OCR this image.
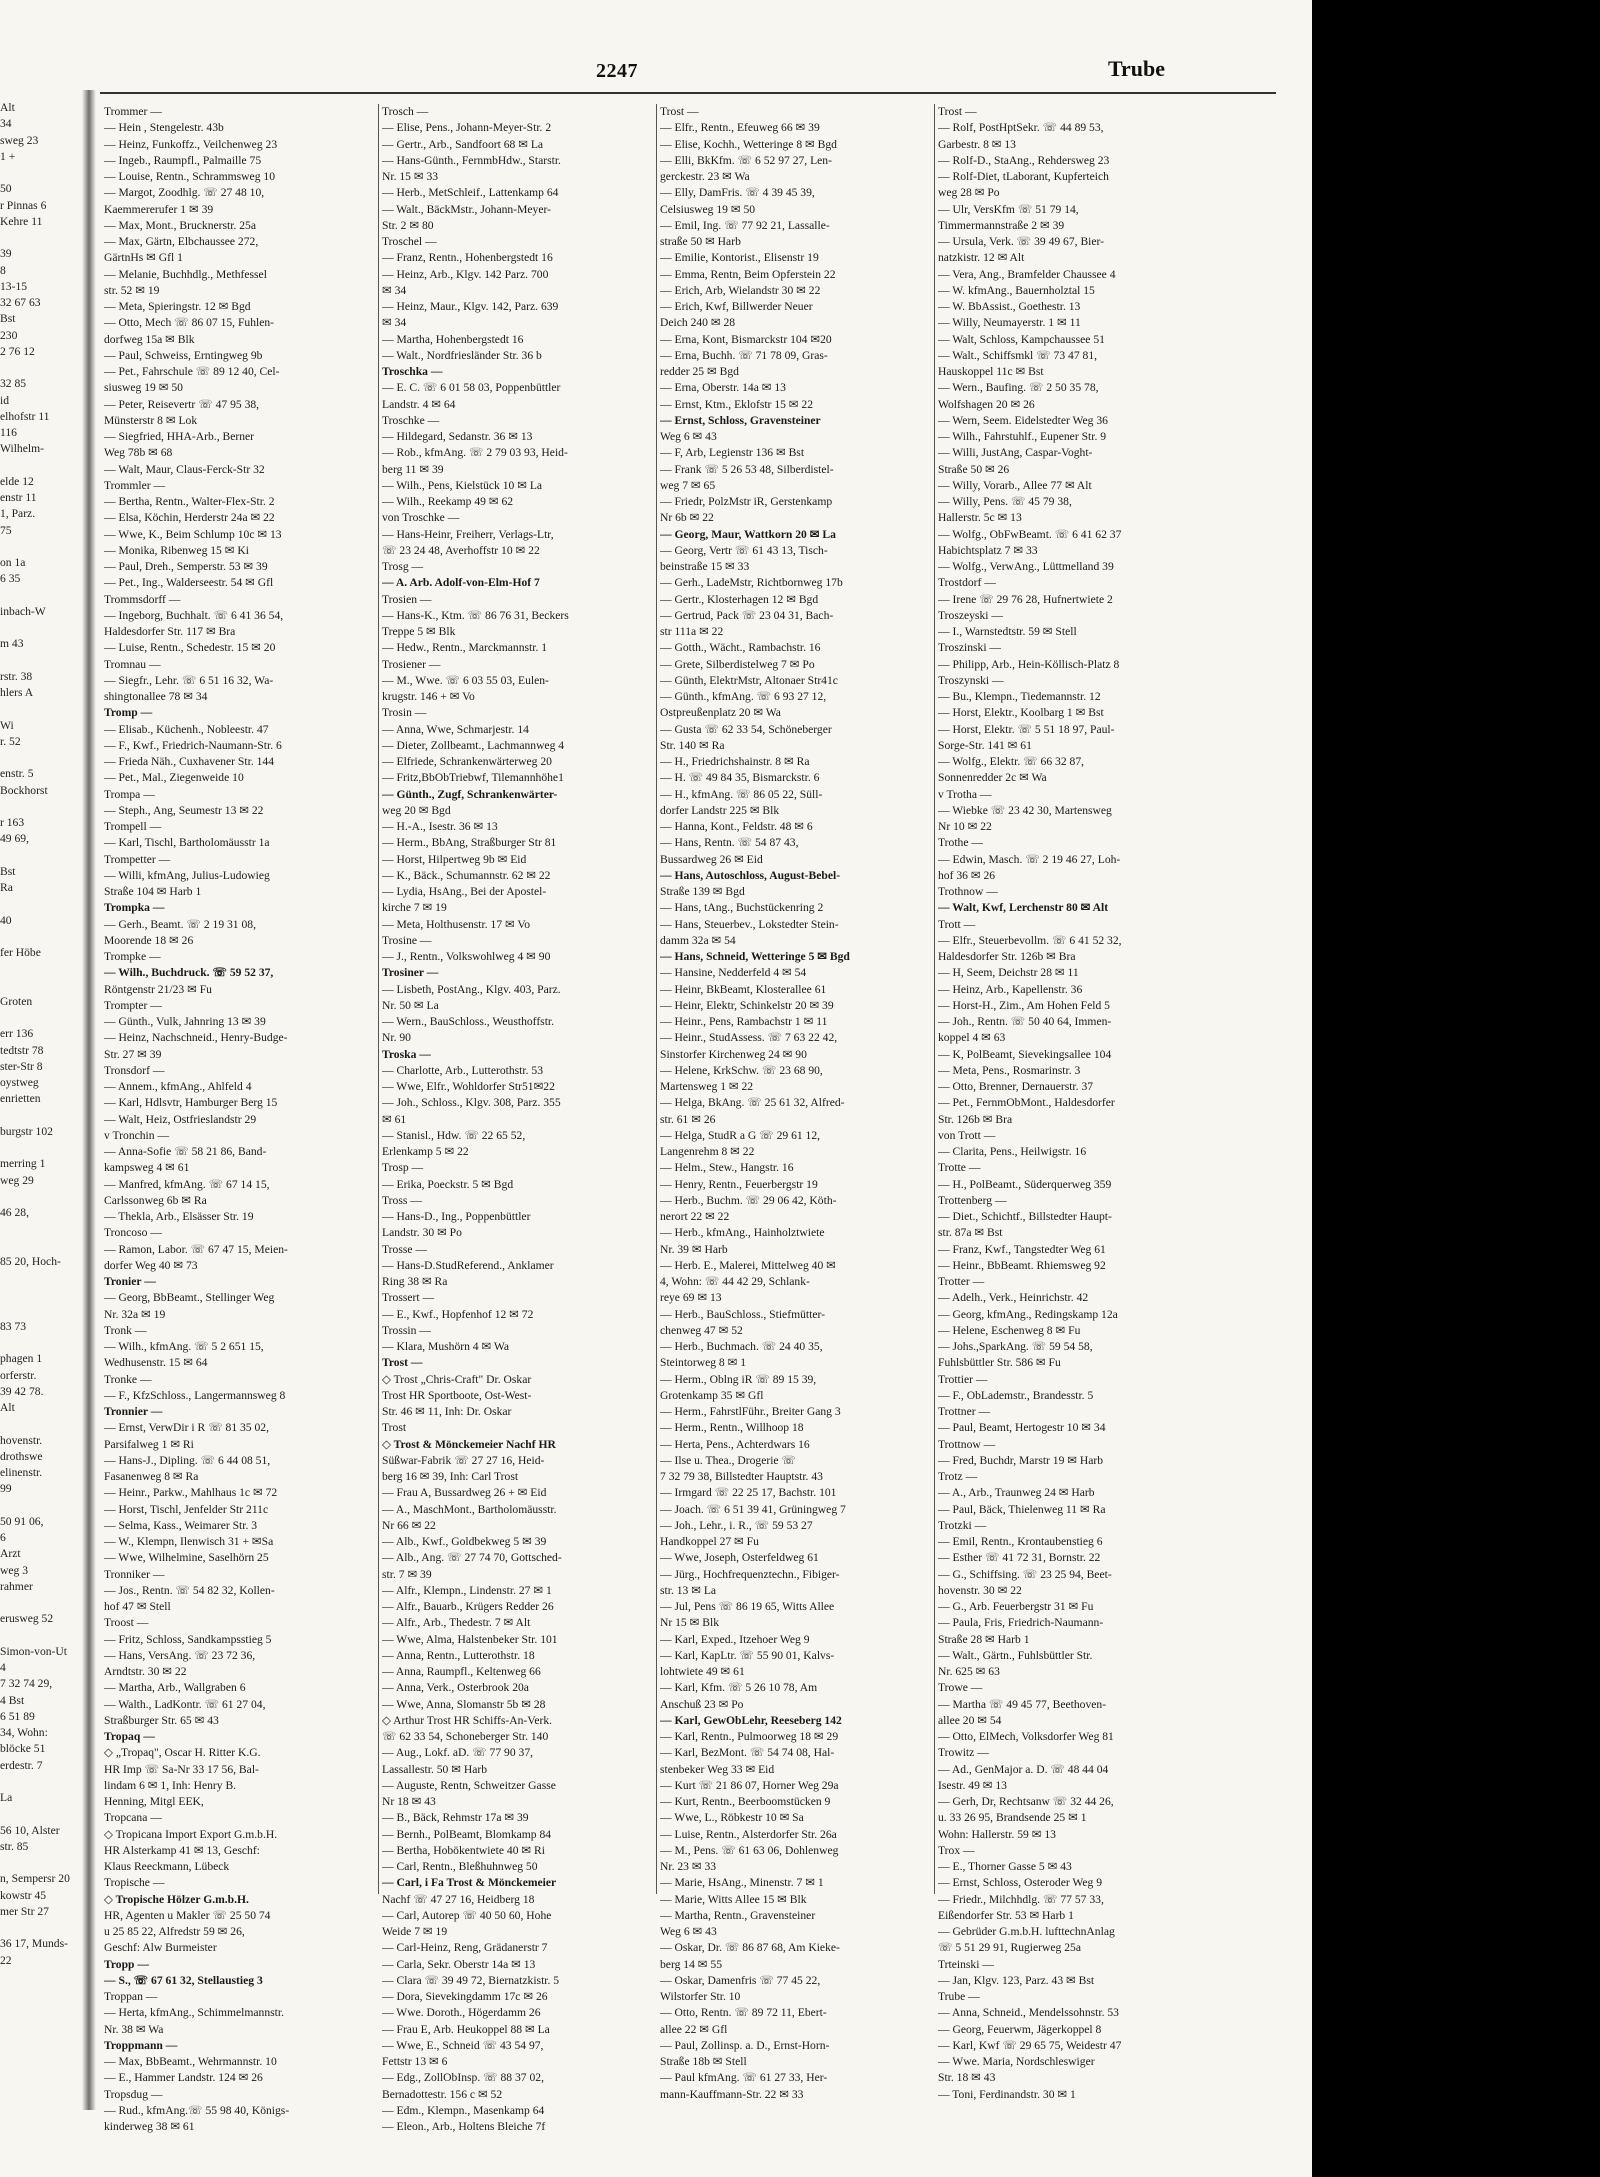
Alt
34
sweg 23
1 +
50
r Pinnas 6
Kehre 11
39
8
13-15
32 67 63
Bst
230
2 76 12
32 85
id
elhofstr 11
116
Wilhelm-
elde 12
enstr 11
1, Parz.
75
on 1a
6 35
inbach-W
m 43
rstr. 38
hlers A
Wi
r. 52
enstr. 5
Bockhorst
r 163
49 69,
Bst
Ra
40
fer Höbe
Groten
err 136
tedtstr 78
ster-Str 8
oystweg
enrietten
burgstr 102
merring 1
weg 29
46 28,
85 20, Hoch-
83 73
phagen 1
orferstr.
39 42 78.
Alt
hovenstr.
drothswe
elinenstr.
99
50 91 06,
6
Arzt
weg 3
rahmer
erusweg 52
Simon-von-Ut
4
7 32 74 29,
4 Bst
6 51 89
34, Wohn:
blöcke 51
erdestr. 7
La
56 10, Alster
str. 85
n, Sempersr 20
kowstr 45
mer Str 27
36 17, Munds-
22
2247	Trube
Trommer —
— Hein , Stengelestr. 43b
— Heinz, Funkoffz., Veilchenweg 23
— Ingeb., Raumpfl., Palmaille 75
— Louise, Rentn., Schrammsweg 10
— Margot, Zoodhlg. ☏ 27 48 10,
Kaemmererufer 1 ✉ 39
— Max, Mont., Brucknerstr. 25a
— Max, Gärtn, Elbchaussee 272,
GärtnHs ✉ Gfl 1
— Melanie, Buchhdlg., Methfessel
str. 52 ✉ 19
— Meta, Spieringstr. 12 ✉ Bgd
— Otto, Mech ☏ 86 07 15, Fuhlen-
dorfweg 15a ✉ Blk
— Paul, Schweiss, Erntingweg 9b
— Pet., Fahrschule ☏ 89 12 40, Cel-
siusweg 19 ✉ 50
— Peter, Reisevertr ☏ 47 95 38,
Münsterstr 8 ✉ Lok
— Siegfried, HHA-Arb., Berner
Weg 78b ✉ 68
— Walt, Maur, Claus-Ferck-Str 32
Trommler —
— Bertha, Rentn., Walter-Flex-Str. 2
— Elsa, Köchin, Herderstr 24a ✉ 22
— Wwe, K., Beim Schlump 10c ✉ 13
— Monika, Ribenweg 15 ✉ Ki
— Paul, Dreh., Semperstr. 53 ✉ 39
— Pet., Ing., Walderseestr. 54 ✉ Gfl
Trommsdorff —
— Ingeborg, Buchhalt. ☏ 6 41 36 54,
Haldesdorfer Str. 117 ✉ Bra
— Luise, Rentn., Schedestr. 15 ✉ 20
Tromnau —
— Siegfr., Lehr. ☏ 6 51 16 32, Wa-
shingtonallee 78 ✉ 34
Tromp —
— Elisab., Küchenh., Nobleestr. 47
— F., Kwf., Friedrich-Naumann-Str. 6
— Frieda Näh., Cuxhavener Str. 144
— Pet., Mal., Ziegenweide 10
Trompa —
— Steph., Ang, Seumestr 13 ✉ 22
Trompell —
— Karl, Tischl, Bartholomäusstr 1a
Trompetter —
— Willi, kfmAng, Julius-Ludowieg
Straße 104 ✉ Harb 1
Trompka —
— Gerh., Beamt. ☏ 2 19 31 08,
Moorende 18 ✉ 26
Trompke —
— Wilh., Buchdruck. ☏ 59 52 37,
Röntgenstr 21/23 ✉ Fu
Trompter —
— Günth., Vulk, Jahnring 13 ✉ 39
— Heinz, Nachschneid., Henry-Budge-
Str. 27 ✉ 39
Tronsdorf —
— Annem., kfmAng., Ahlfeld 4
— Karl, Hdlsvtr, Hamburger Berg 15
— Walt, Heiz, Ostfrieslandstr 29
v Tronchin —
— Anna-Sofie ☏ 58 21 86, Band-
kampsweg 4 ✉ 61
— Manfred, kfmAng. ☏ 67 14 15,
Carlssonweg 6b ✉ Ra
— Thekla, Arb., Elsässer Str. 19
Troncoso —
— Ramon, Labor. ☏ 67 47 15, Meien-
dorfer Weg 40 ✉ 73
Tronier —
— Georg, BbBeamt., Stellinger Weg
Nr. 32a ✉ 19
Tronk —
— Wilh., kfmAng. ☏ 5 2 651 15,
Wedhusenstr. 15 ✉ 64
Tronke —
— F., KfzSchloss., Langermannsweg 8
Tronnier —
— Ernst, VerwDir i R ☏ 81 35 02,
Parsifalweg 1 ✉ Ri
— Hans-J., Dipling. ☏ 6 44 08 51,
Fasanenweg 8 ✉ Ra
— Heinr., Parkw., Mahlhaus 1c ✉ 72
— Horst, Tischl, Jenfelder Str 211c
— Selma, Kass., Weimarer Str. 3
— W., Klempn, Ilenwisch 31 + ✉Sa
— Wwe, Wilhelmine, Saselhörn 25
Tronniker —
— Jos., Rentn. ☏ 54 82 32, Kollen-
hof 47 ✉ Stell
Troost —
— Fritz, Schloss, Sandkampsstieg 5
— Hans, VersAng. ☏ 23 72 36,
Arndtstr. 30 ✉ 22
— Martha, Arb., Wallgraben 6
— Walth., LadKontr. ☏ 61 27 04,
Straßburger Str. 65 ✉ 43
Tropaq —
◇ „Tropaq", Oscar H. Ritter K.G.
HR Imp ☏ Sa-Nr 33 17 56, Bal-
lindam 6 ✉ 1, Inh: Henry B.
Henning, Mitgl EEK,
Tropcana —
◇ Tropicana Import Export G.m.b.H.
HR Alsterkamp 41 ✉ 13, Geschf:
Klaus Reeckmann, Lübeck
Tropische —
◇ Tropische Hölzer G.m.b.H.
HR, Agenten u Makler ☏ 25 50 74
u 25 85 22, Alfredstr 59 ✉ 26,
Geschf: Alw Burmeister
Tropp —
— S., ☏ 67 61 32, Stellaustieg 3
Troppan —
— Herta, kfmAng., Schimmelmannstr.
Nr. 38 ✉ Wa
Troppmann —
— Max, BbBeamt., Wehrmannstr. 10
— E., Hammer Landstr. 124 ✉ 26
Tropsdug —
— Rud., kfmAng.☏ 55 98 40, Königs-
kinderweg 38 ✉ 61
Trosch —
— Elise, Pens., Johann-Meyer-Str. 2
— Gertr., Arb., Sandfoort 68 ✉ La
— Hans-Günth., FernmbHdw., Starstr.
Nr. 15 ✉ 33
— Herb., MetSchleif., Lattenkamp 64
— Walt., BäckMstr., Johann-Meyer-
Str. 2 ✉ 80
Troschel —
— Franz, Rentn., Hohenbergstedt 16
— Heinz, Arb., Klgv. 142 Parz. 700
✉ 34
— Heinz, Maur., Klgv. 142, Parz. 639
✉ 34
— Martha, Hohenbergstedt 16
— Walt., Nordfriesländer Str. 36 b
Troschka —
— E. C. ☏ 6 01 58 03, Poppenbüttler
Landstr. 4 ✉ 64
Troschke —
— Hildegard, Sedanstr. 36 ✉ 13
— Rob., kfmAng. ☏ 2 79 03 93, Heid-
berg 11 ✉ 39
— Wilh., Pens, Kielstück 10 ✉ La
— Wilh., Reekamp 49 ✉ 62
von Troschke —
— Hans-Heinr, Freiherr, Verlags-Ltr,
☏ 23 24 48, Averhoffstr 10 ✉ 22
Trosg —
— A. Arb. Adolf-von-Elm-Hof 7
Trosien —
— Hans-K., Ktm. ☏ 86 76 31, Beckers
Treppe 5 ✉ Blk
— Hedw., Rentn., Marckmannstr. 1
Trosiener —
— M., Wwe. ☏ 6 03 55 03, Eulen-
krugstr. 146 + ✉ Vo
Trosin —
— Anna, Wwe, Schmarjestr. 14
— Dieter, Zollbeamt., Lachmannweg 4
— Elfriede, Schrankenwärterweg 20
— Fritz,BbObTriebwf, Tilemannhöhe1
— Günth., Zugf, Schrankenwärter-
weg 20 ✉ Bgd
— H.-A., Isestr. 36 ✉ 13
— Herm., BbAng, Straßburger Str 81
— Horst, Hilpertweg 9b ✉ Eid
— K., Bäck., Schumannstr. 62 ✉ 22
— Lydia, HsAng., Bei der Apostel-
kirche 7 ✉ 19
— Meta, Holthusenstr. 17 ✉ Vo
Trosine —
— J., Rentn., Volkswohlweg 4 ✉ 90
Trosiner —
— Lisbeth, PostAng., Klgv. 403, Parz.
Nr. 50 ✉ La
— Wern., BauSchloss., Weusthoffstr.
Nr. 90
Troska —
— Charlotte, Arb., Lutterothstr. 53
— Wwe, Elfr., Wohldorfer Str51✉22
— Joh., Schloss., Klgv. 308, Parz. 355
✉ 61
— Stanisl., Hdw. ☏ 22 65 52,
Erlenkamp 5 ✉ 22
Trosp —
— Erika, Poeckstr. 5 ✉ Bgd
Tross —
— Hans-D., Ing., Poppenbüttler
Landstr. 30 ✉ Po
Trosse —
— Hans-D.StudReferend., Anklamer
Ring 38 ✉ Ra
Trossert —
— E., Kwf., Hopfenhof 12 ✉ 72
Trossin —
— Klara, Mushörn 4 ✉ Wa
Trost —
◇ Trost „Chris-Craft" Dr. Oskar
Trost HR Sportboote, Ost-West-
Str. 46 ✉ 11, Inh: Dr. Oskar
Trost
◇ Trost & Mönckemeier Nachf HR
Süßwar-Fabrik ☏ 27 27 16, Heid-
berg 16 ✉ 39, Inh: Carl Trost
— Frau A, Bussardweg 26 + ✉ Eid
— A., MaschMont., Bartholomäusstr.
Nr 66 ✉ 22
— Alb., Kwf., Goldbekweg 5 ✉ 39
— Alb., Ang. ☏ 27 74 70, Gottsched-
str. 7 ✉ 39
— Alfr., Klempn., Lindenstr. 27 ✉ 1
— Alfr., Bauarb., Krügers Redder 26
— Alfr., Arb., Thedestr. 7 ✉ Alt
— Wwe, Alma, Halstenbeker Str. 101
— Anna, Rentn., Lutterothstr. 18
— Anna, Raumpfl., Keltenweg 66
— Anna, Verk., Osterbrook 20a
— Wwe, Anna, Slomanstr 5b ✉ 28
◇ Arthur Trost HR Schiffs-An-Verk.
☏ 62 33 54, Schoneberger Str. 140
— Aug., Lokf. aD. ☏ 77 90 37,
Lassallestr. 50 ✉ Harb
— Auguste, Rentn, Schweitzer Gasse
Nr 18 ✉ 43
— B., Bäck, Rehmstr 17a ✉ 39
— Bernh., PolBeamt, Blomkamp 84
— Bertha, Hobökentwiete 40 ✉ Ri
— Carl, Rentn., Bleßhuhnweg 50
— Carl, i Fa Trost & Mönckemeier
Nachf ☏ 47 27 16, Heidberg 18
— Carl, Autorep ☏ 40 50 60, Hohe
Weide 7 ✉ 19
— Carl-Heinz, Reng, Grädanerstr 7
— Carla, Sekr. Oberstr 14a ✉ 13
— Clara ☏ 39 49 72, Biernatzkistr. 5
— Dora, Sievekingdamm 17c ✉ 26
— Wwe. Doroth., Högerdamm 26
— Frau E, Arb. Heukoppel 88 ✉ La
— Wwe, E., Schneid ☏ 43 54 97,
Fettstr 13 ✉ 6
— Edg., ZollObInsp. ☏ 88 37 02,
Bernadottestr. 156 c ✉ 52
— Edm., Klempn., Masenkamp 64
— Eleon., Arb., Holtens Bleiche 7f
Trost —
— Elfr., Rentn., Efeuweg 66 ✉ 39
— Elise, Kochh., Wetteringe 8 ✉ Bgd
— Elli, BkKfm. ☏ 6 52 97 27, Len-
gerckestr. 23 ✉ Wa
— Elly, DamFris. ☏ 4 39 45 39,
Celsiusweg 19 ✉ 50
— Emil, Ing. ☏ 77 92 21, Lassalle-
straße 50 ✉ Harb
— Emilie, Kontorist., Elisenstr 19
— Emma, Rentn, Beim Opferstein 22
— Erich, Arb, Wielandstr 30 ✉ 22
— Erich, Kwf, Billwerder Neuer
Deich 240 ✉ 28
— Erna, Kont, Bismarckstr 104 ✉20
— Erna, Buchh. ☏ 71 78 09, Gras-
redder 25 ✉ Bgd
— Erna, Oberstr. 14a ✉ 13
— Ernst, Ktm., Eklofstr 15 ✉ 22
— Ernst, Schloss, Gravensteiner
Weg 6 ✉ 43
— F, Arb, Legienstr 136 ✉ Bst
— Frank ☏ 5 26 53 48, Silberdistel-
weg 7 ✉ 65
— Friedr, PolzMstr iR, Gerstenkamp
Nr 6b ✉ 22
— Georg, Maur, Wattkorn 20 ✉ La
— Georg, Vertr ☏ 61 43 13, Tisch-
beinstraße 15 ✉ 33
— Gerh., LadeMstr, Richtbornweg 17b
— Gertr., Klosterhagen 12 ✉ Bgd
— Gertrud, Pack ☏ 23 04 31, Bach-
str 111a ✉ 22
— Gotth., Wächt., Rambachstr. 16
— Grete, Silberdistelweg 7 ✉ Po
— Günth, ElektrMstr, Altonaer Str41c
— Günth., kfmAng. ☏ 6 93 27 12,
Ostpreußenplatz 20 ✉ Wa
— Gusta ☏ 62 33 54, Schöneberger
Str. 140 ✉ Ra
— H., Friedrichshainstr. 8 ✉ Ra
— H. ☏ 49 84 35, Bismarckstr. 6
— H., kfmAng. ☏ 86 05 22, Süll-
dorfer Landstr 225 ✉ Blk
— Hanna, Kont., Feldstr. 48 ✉ 6
— Hans, Rentn. ☏ 54 87 43,
Bussardweg 26 ✉ Eid
— Hans, Autoschloss, August-Bebel-
Straße 139 ✉ Bgd
— Hans, tAng., Buchstückenring 2
— Hans, Steuerbev., Lokstedter Stein-
damm 32a ✉ 54
— Hans, Schneid, Wetteringe 5 ✉ Bgd
— Hansine, Nedderfeld 4 ✉ 54
— Heinr, BkBeamt, Klosterallee 61
— Heinr, Elektr, Schinkelstr 20 ✉ 39
— Heinr., Pens, Rambachstr 1 ✉ 11
— Heinr., StudAssess. ☏ 7 63 22 42,
Sinstorfer Kirchenweg 24 ✉ 90
— Helene, KrkSchw. ☏ 23 68 90,
Martensweg 1 ✉ 22
— Helga, BkAng. ☏ 25 61 32, Alfred-
str. 61 ✉ 26
— Helga, StudR a G ☏ 29 61 12,
Langenrehm 8 ✉ 22
— Helm., Stew., Hangstr. 16
— Henry, Rentn., Feuerbergstr 19
— Herb., Buchm. ☏ 29 06 42, Köth-
nerort 22 ✉ 22
— Herb., kfmAng., Hainholztwiete
Nr. 39 ✉ Harb
— Herb. E., Malerei, Mittelweg 40 ✉
4, Wohn: ☏ 44 42 29, Schlank-
reye 69 ✉ 13
— Herb., BauSchloss., Stiefmütter-
chenweg 47 ✉ 52
— Herb., Buchmach. ☏ 24 40 35,
Steintorweg 8 ✉ 1
— Herm., Oblng iR ☏ 89 15 39,
Grotenkamp 35 ✉ Gfl
— Herm., FahrstlFühr., Breiter Gang 3
— Herm., Rentn., Willhoop 18
— Herta, Pens., Achterdwars 16
— Ilse u. Thea., Drogerie ☏
7 32 79 38, Billstedter Hauptstr. 43
— Irmgard ☏ 22 25 17, Bachstr. 101
— Joach. ☏ 6 51 39 41, Grüningweg 7
— Joh., Lehr., i. R., ☏ 59 53 27
Handkoppel 27 ✉ Fu
— Wwe, Joseph, Osterfeldweg 61
— Jürg., Hochfrequenztechn., Fibiger-
str. 13 ✉ La
— Jul, Pens ☏ 86 19 65, Witts Allee
Nr 15 ✉ Blk
— Karl, Exped., Itzehoer Weg 9
— Karl, KapLtr. ☏ 55 90 01, Kalvs-
lohtwiete 49 ✉ 61
— Karl, Kfm. ☏ 5 26 10 78, Am
Anschuß 23 ✉ Po
— Karl, GewObLehr, Reeseberg 142
— Karl, Rentn., Pulmoorweg 18 ✉ 29
— Karl, BezMont. ☏ 54 74 08, Hal-
stenbeker Weg 33 ✉ Eid
— Kurt ☏ 21 86 07, Horner Weg 29a
— Kurt, Rentn., Beerboomstücken 9
— Wwe, L., Röbkestr 10 ✉ Sa
— Luise, Rentn., Alsterdorfer Str. 26a
— M., Pens. ☏ 61 63 06, Dohlenweg
Nr. 23 ✉ 33
— Marie, HsAng., Minenstr. 7 ✉ 1
— Marie, Witts Allee 15 ✉ Blk
— Martha, Rentn., Gravensteiner
Weg 6 ✉ 43
— Oskar, Dr. ☏ 86 87 68, Am Kieke-
berg 14 ✉ 55
— Oskar, Damenfris ☏ 77 45 22,
Wilstorfer Str. 10
— Otto, Rentn. ☏ 89 72 11, Ebert-
allee 22 ✉ Gfl
— Paul, Zollinsp. a. D., Ernst-Horn-
Straße 18b ✉ Stell
— Paul kfmAng. ☏ 61 27 33, Her-
mann-Kauffmann-Str. 22 ✉ 33
Trost —
— Rolf, PostHptSekr. ☏ 44 89 53,
Garbestr. 8 ✉ 13
— Rolf-D., StaAng., Rehdersweg 23
— Rolf-Diet, tLaborant, Kupferteich
weg 28 ✉ Po
— Ulr, VersKfm ☏ 51 79 14,
Timmermannstraße 2 ✉ 39
— Ursula, Verk. ☏ 39 49 67, Bier-
natzkistr. 12 ✉ Alt
— Vera, Ang., Bramfelder Chaussee 4
— W. kfmAng., Bauernholztal 15
— W. BbAssist., Goethestr. 13
— Willy, Neumayerstr. 1 ✉ 11
— Walt, Schloss, Kampchaussee 51
— Walt., Schiffsmkl ☏ 73 47 81,
Hauskoppel 11c ✉ Bst
— Wern., Baufing. ☏ 2 50 35 78,
Wolfshagen 20 ✉ 26
— Wern, Seem. Eidelstedter Weg 36
— Wilh., Fahrstuhlf., Eupener Str. 9
— Willi, JustAng, Caspar-Voght-
Straße 50 ✉ 26
— Willy, Vorarb., Allee 77 ✉ Alt
— Willy, Pens. ☏ 45 79 38,
Hallerstr. 5c ✉ 13
— Wolfg., ObFwBeamt. ☏ 6 41 62 37
Habichtsplatz 7 ✉ 33
— Wolfg., VerwAng., Lüttmelland 39
Trostdorf —
— Irene ☏ 29 76 28, Hufnertwiete 2
Troszeyski —
— I., Warnstedtstr. 59 ✉ Stell
Troszinski —
— Philipp, Arb., Hein-Köllisch-Platz 8
Troszynski —
— Bu., Klempn., Tiedemannstr. 12
— Horst, Elektr., Koolbarg 1 ✉ Bst
— Horst, Elektr. ☏ 5 51 18 97, Paul-
Sorge-Str. 141 ✉ 61
— Wolfg., Elektr. ☏ 66 32 87,
Sonnenredder 2c ✉ Wa
v Trotha —
— Wiebke ☏ 23 42 30, Martensweg
Nr 10 ✉ 22
Trothe —
— Edwin, Masch. ☏ 2 19 46 27, Loh-
hof 36 ✉ 26
Trothnow —
— Walt, Kwf, Lerchenstr 80 ✉ Alt
Trott —
— Elfr., Steuerbevollm. ☏ 6 41 52 32,
Haldesdorfer Str. 126b ✉ Bra
— H, Seem, Deichstr 28 ✉ 11
— Heinz, Arb., Kapellenstr. 36
— Horst-H., Zim., Am Hohen Feld 5
— Joh., Rentn. ☏ 50 40 64, Immen-
koppel 4 ✉ 63
— K, PolBeamt, Sievekingsallee 104
— Meta, Pens., Rosmarinstr. 3
— Otto, Brenner, Dernauerstr. 37
— Pet., FernmObMont., Haldesdorfer
Str. 126b ✉ Bra
von Trott —
— Clarita, Pens., Heilwigstr. 16
Trotte —
— H., PolBeamt., Süderquerweg 359
Trottenberg —
— Diet., Schichtf., Billstedter Haupt-
str. 87a ✉ Bst
— Franz, Kwf., Tangstedter Weg 61
— Heinr., BbBeamt. Rhiemsweg 92
Trotter —
— Adelh., Verk., Heinrichstr. 42
— Georg, kfmAng., Redingskamp 12a
— Helene, Eschenweg 8 ✉ Fu
— Johs.,SparkAng. ☏ 59 54 58,
Fuhlsbüttler Str. 586 ✉ Fu
Trottier —
— F., ObLademstr., Brandesstr. 5
Trottner —
— Paul, Beamt, Hertogestr 10 ✉ 34
Trottnow —
— Fred, Buchdr, Marstr 19 ✉ Harb
Trotz —
— A., Arb., Traunweg 24 ✉ Harb
— Paul, Bäck, Thielenweg 11 ✉ Ra
Trotzki —
— Emil, Rentn., Krontaubenstieg 6
— Esther ☏ 41 72 31, Bornstr. 22
— G., Schiffsing. ☏ 23 25 94, Beet-
hovenstr. 30 ✉ 22
— G., Arb. Feuerbergstr 31 ✉ Fu
— Paula, Fris, Friedrich-Naumann-
Straße 28 ✉ Harb 1
— Walt., Gärtn., Fuhlsbüttler Str.
Nr. 625 ✉ 63
Trowe —
— Martha ☏ 49 45 77, Beethoven-
allee 20 ✉ 54
— Otto, ElMech, Volksdorfer Weg 81
Trowitz —
— Ad., GenMajor a. D. ☏ 48 44 04
Isestr. 49 ✉ 13
— Gerh, Dr, Rechtsanw ☏ 32 44 26,
u. 33 26 95, Brandsende 25 ✉ 1
Wohn: Hallerstr. 59 ✉ 13
Trox —
— E., Thorner Gasse 5 ✉ 43
— Ernst, Schloss, Osteroder Weg 9
— Friedr., Milchhdlg. ☏ 77 57 33,
Eißendorfer Str. 53 ✉ Harb 1
— Gebrüder G.m.b.H. lufttechnAnlag
☏ 5 51 29 91, Rugierweg 25a
Trteinski —
— Jan, Klgv. 123, Parz. 43 ✉ Bst
Trube —
— Anna, Schneid., Mendelssohnstr. 53
— Georg, Feuerwm, Jägerkoppel 8
— Karl, Kwf ☏ 29 65 75, Weidestr 47
— Wwe. Maria, Nordschleswiger
Str. 18 ✉ 43
— Toni, Ferdinandstr. 30 ✉ 1
